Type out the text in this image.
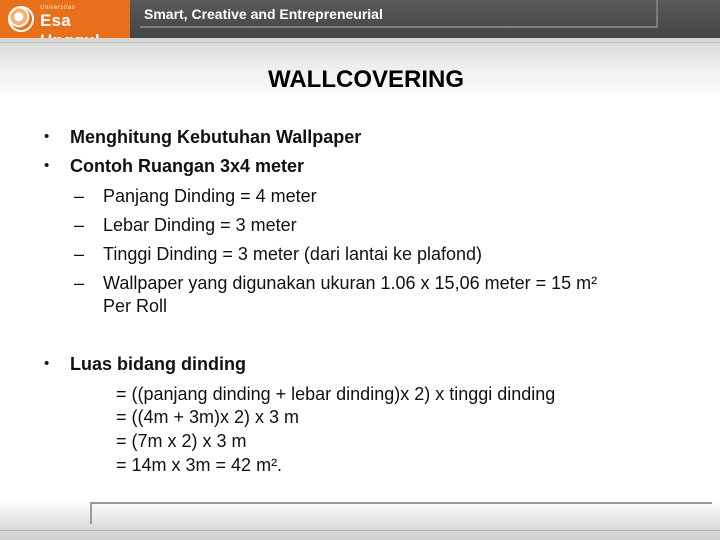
Universitas
Esa	Smart, Creative and Entrepreneurial
WALLCOVERING
• Menghitung Kebutuhan Wallpaper
• Contoh Ruangan 3x4 meter
– Panjang Dinding = 4 meter
– Lebar Dinding = 3 meter
– Tinggi Dinding = 3 meter (dari lantai ke plafond)
– Wallpaper yang digunakan ukuran 1.06 x 15,06 meter = 15 m²
Per Roll
• Luas bidang dinding
= ((panjang dinding + lebar dinding)x 2) x tinggi dinding
= ((4m + 3m)x 2) x 3 m
= (7m x 2) x 3 m
= 14m x 3m = 42 m².
